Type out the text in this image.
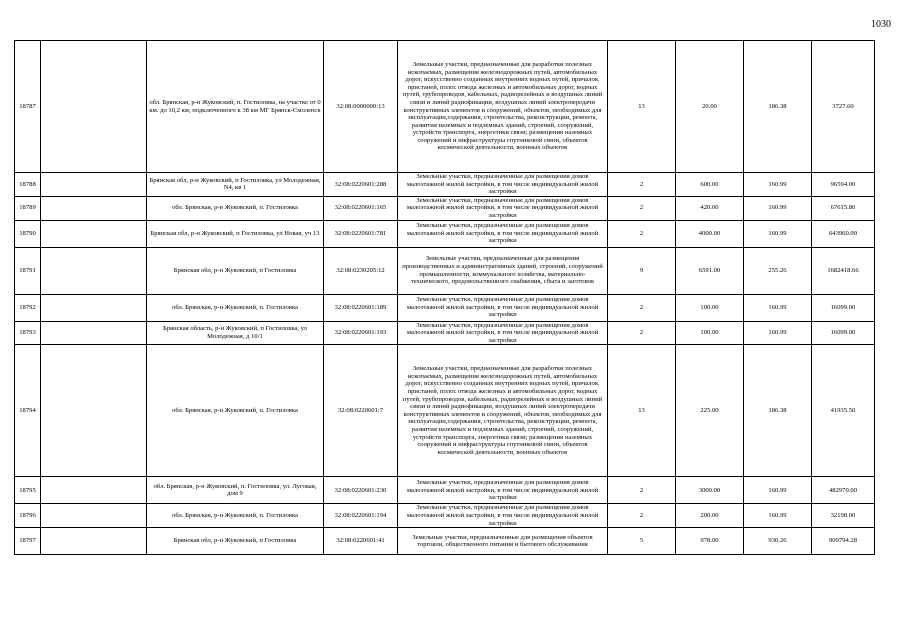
1030
18787		обл. Брянская, р-н Жуковский, п. Гостиловка, на участке от 0 км. до 10,2 км, подключенного к 38 км МГ Брянск-Смоленск	32:08:0000000:13	Земельные участки, предназначенные для разработки полезных ископаемых, размещения железнодорожных путей, автомобильных дорог, искусственно созданных внутренних водных путей, причалов, пристаней, полос отвода железных и автомобильных дорог, водных путей, трубопроводов, кабельных, радиорелейных и воздушных линий связи и линий радиофикации, воздушных линий электропередачи конструктивных элементов и сооружений, объектов, необходимых для эксплуатации,содержания, строительства, реконструкции, ремонта, развития наземных и подземных зданий, строений, сооружений, устройств транспорта, энергетики связи; размещения наземных сооружений и инфраструктуры спутниковой связи, объектов космической деятельности, военных объектов	13	20.00	186.38	3727.60
18788		Брянская обл, р-н Жуковский, п Гостиловка, ул Молодежная, N4, кв 1	32:08:0220601:288	Земельные участки, предназначенные для размещения домов малоэтажной жилой застройки, в том числе индивидуальной жилой застройки	2	600.00	160.99	96594.00
18789		обл. Брянская, р-н Жуковский, п. Гостиловка	32:08:0220601:165	Земельные участки, предназначенные для размещения домов малоэтажной жилой застройки, в том числе индивидуальной жилой застройки	2	420.00	160.99	67615.80
18790		Брянская обл, р-н Жуковский, п Гостиловка, ул Новая, уч 13	32:08:0220601:781	Земельные участки, предназначенные для размещения домов малоэтажной жилой застройки, в том числе индивидуальной жилой застройки	2	4000.00	160.99	643960.00
18791		Брянская обл, р-н Жуковский, п Гостиловка	32:08:0230205:12	Земельные участки, предназначенные для размещения производственных и административных зданий, строений, сооружений промышленности, коммунального хозяйства, материально-технического, продовольственного снабжения, сбыта и заготовок	9	6591.00	255.26	1682418.66
18792		обл. Брянская, р-н Жуковский, п. Гостиловка	32:08:0220601:189	Земельные участки, предназначенные для размещения домов малоэтажной жилой застройки, в том числе индивидуальной жилой застройки	2	100.00	160.99	16099.00
18793		Брянская область, р-н Жуковский, п Гостиловка, ул Молодежная, д 10/1	32:08:0220601:193	Земельные участки, предназначенные для размещения домов малоэтажной жилой застройки, в том числе индивидуальной жилой застройки	2	100.00	160.99	16099.00
18794		обл. Брянская, р-н Жуковский, п. Гостиловка	32:08:0220601:7	Земельные участки, предназначенные для разработки полезных ископаемых, размещения железнодорожных путей, автомобильных дорог, искусственно созданных внутренних водных путей, причалов, пристаней, полос отвода железных и автомобильных дорог, водных путей, трубопроводов, кабельных, радиорелейных и воздушных линий связи и линий радиофикации, воздушных линий электропередачи конструктивных элементов и сооружений, объектов, необходимых для эксплуатации,содержания, строительства, реконструкции, ремонта, развития наземных и подземных зданий, строений, сооружений, устройств транспорта, энергетики связи; размещения наземных сооружений и инфраструктуры спутниковой связи, объектов космической деятельности, военных объектов	13	225.00	186.38	41935.50
18795		обл. Брянская, р-н Жуковский, п. Гостиловка, ул. Луговая, дом 9	32:08:0220601:230	Земельные участки, предназначенные для размещения домов малоэтажной жилой застройки, в том числе индивидуальной жилой застройки	2	3000.00	160.99	482970.00
18796		обл. Брянская, р-н Жуковский, п. Гостиловка	32:08:0220601:194	Земельные участки, предназначенные для размещения домов малоэтажной жилой застройки, в том числе индивидуальной жилой застройки	2	200.00	160.99	32198.00
18797		Брянская обл, р-н Жуковский, п Гостиловка	32:08:0220601:41	Земельные участки, предназначенные для размещения объектов торговли, общественного питания и бытового обслуживания	5	978.00	930.26	909794.28
